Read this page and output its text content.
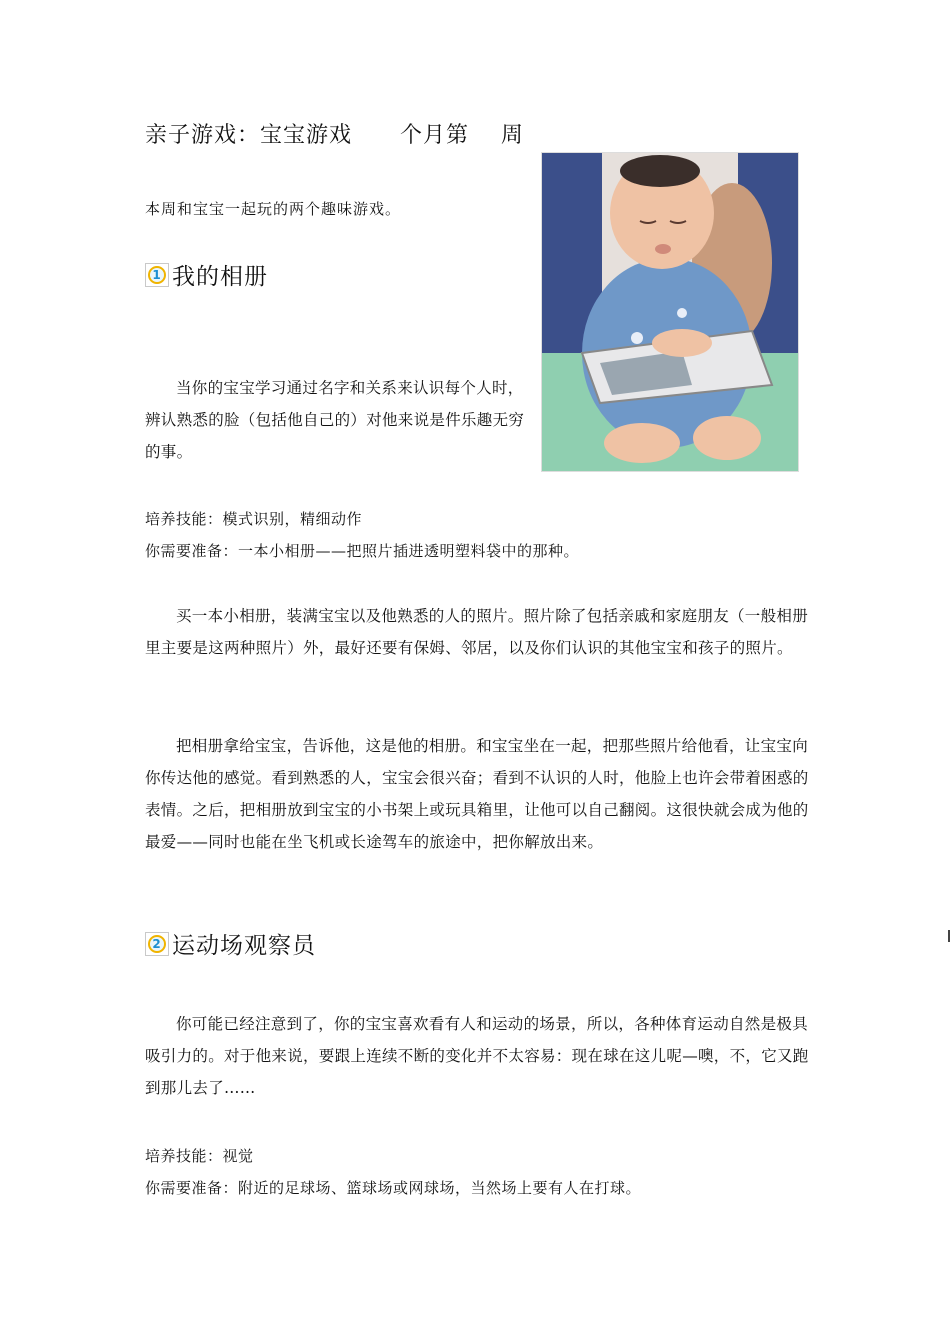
亲子游戏：宝宝游戏      个月第    周
本周和宝宝一起玩的两个趣味游戏。
1 我的相册
当你的宝宝学习通过名字和关系来认识每个人时，辨认熟悉的脸（包括他自己的）对他来说是件乐趣无穷的事。
培养技能：模式识别，精细动作
你需要准备：一本小相册——把照片插进透明塑料袋中的那种。
买一本小相册，装满宝宝以及他熟悉的人的照片。照片除了包括亲戚和家庭朋友（一般相册里主要是这两种照片）外，最好还要有保姆、邻居，以及你们认识的其他宝宝和孩子的照片。
把相册拿给宝宝，告诉他，这是他的相册。和宝宝坐在一起，把那些照片给他看，让宝宝向你传达他的感觉。看到熟悉的人，宝宝会很兴奋；看到不认识的人时，他脸上也许会带着困惑的表情。之后，把相册放到宝宝的小书架上或玩具箱里，让他可以自己翻阅。这很快就会成为他的最爱——同时也能在坐飞机或长途驾车的旅途中，把你解放出来。
2 运动场观察员
你可能已经注意到了，你的宝宝喜欢看有人和运动的场景，所以，各种体育运动自然是极具吸引力的。对于他来说，要跟上连续不断的变化并不太容易：现在球在这儿呢—噢，不，它又跑到那儿去了……
培养技能：视觉
你需要准备：附近的足球场、篮球场或网球场，当然场上要有人在打球。
